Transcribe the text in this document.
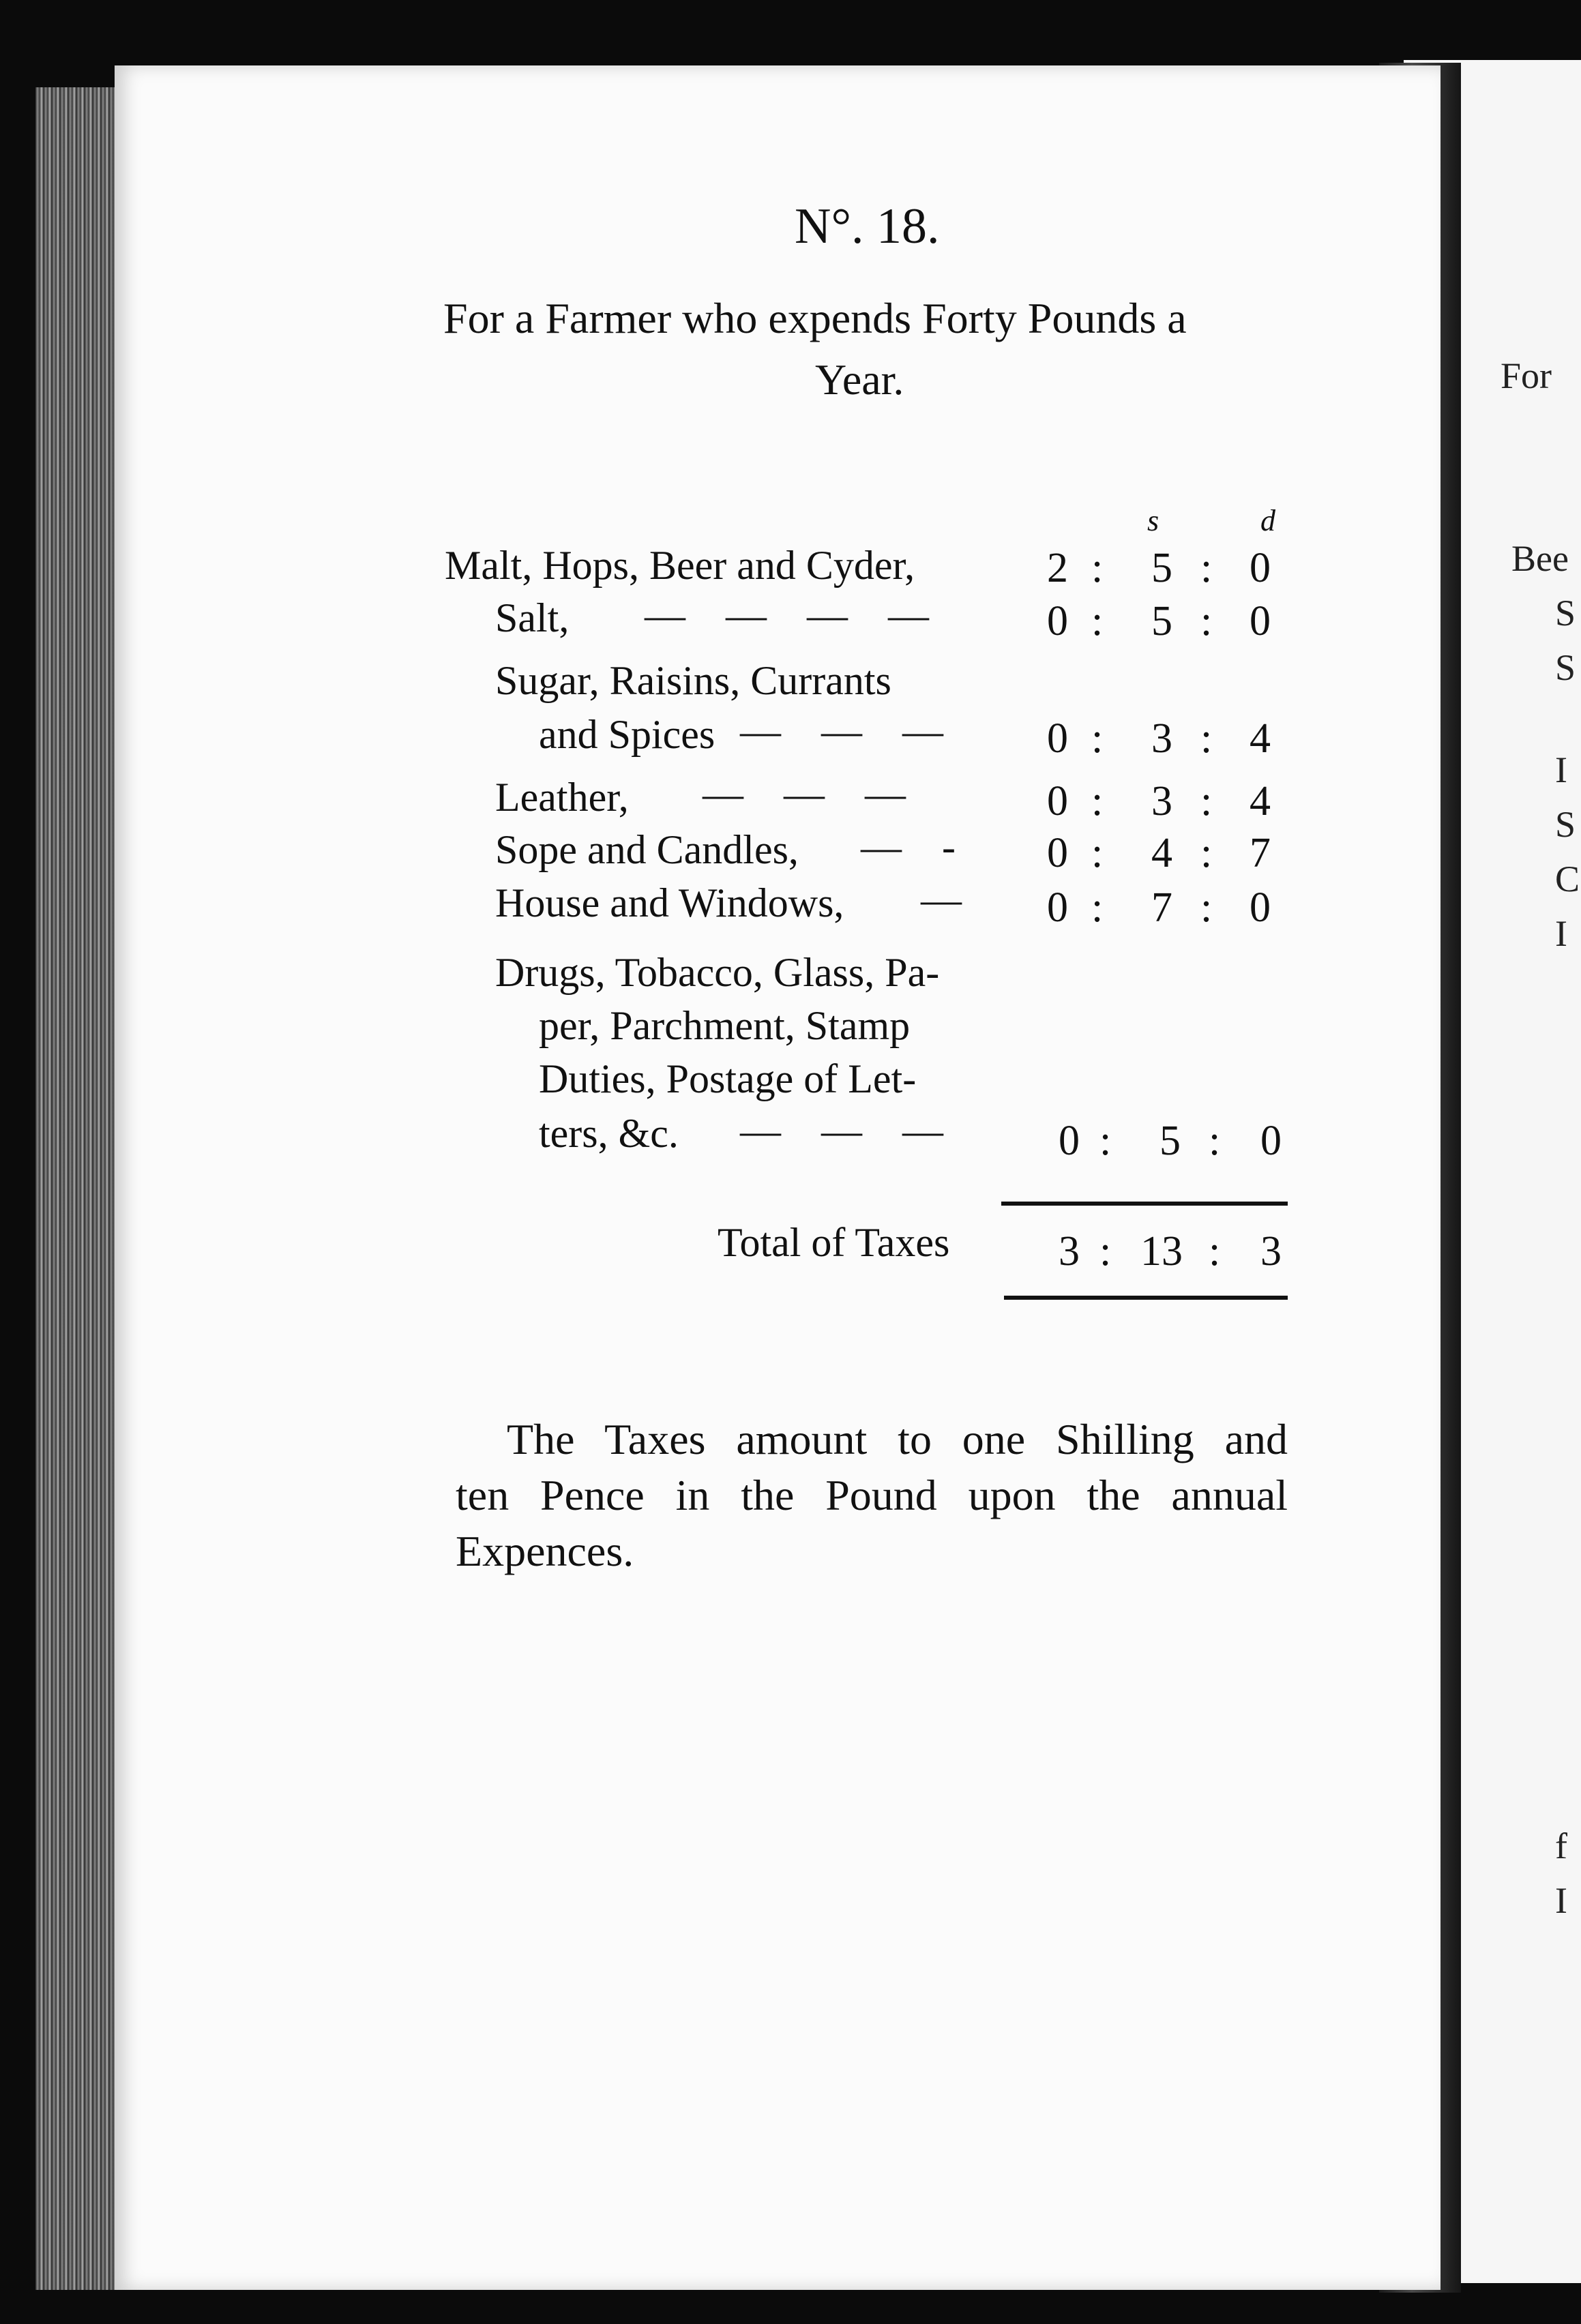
For
Bee
S
S
I
S
C
I
f
I
N°. 18.
For a Farmer who expends Forty Pounds a
Year.
s	d
Malt, Hops, Beer and Cyder,	2 : 5 : 0
Salt, — — — — 0 : 5 : 0
Sugar, Raisins, Currants
and Spices — — — 0 : 3 : 4
Leather, — — —	0 : 3 : 4
Sope and Candles, — - 0 : 4 : 7
House and Windows, — 0 : 7 : 0
Drugs, Tobacco, Glass, Pa-
per, Parchment, Stamp
Duties, Postage of Let-
ters, &c. — — — 0 : 5 : 0
Total of Taxes	3 : 13 : 3
The Taxes amount to one Shilling and
ten Pence in the Pound upon the annual
Expences.
